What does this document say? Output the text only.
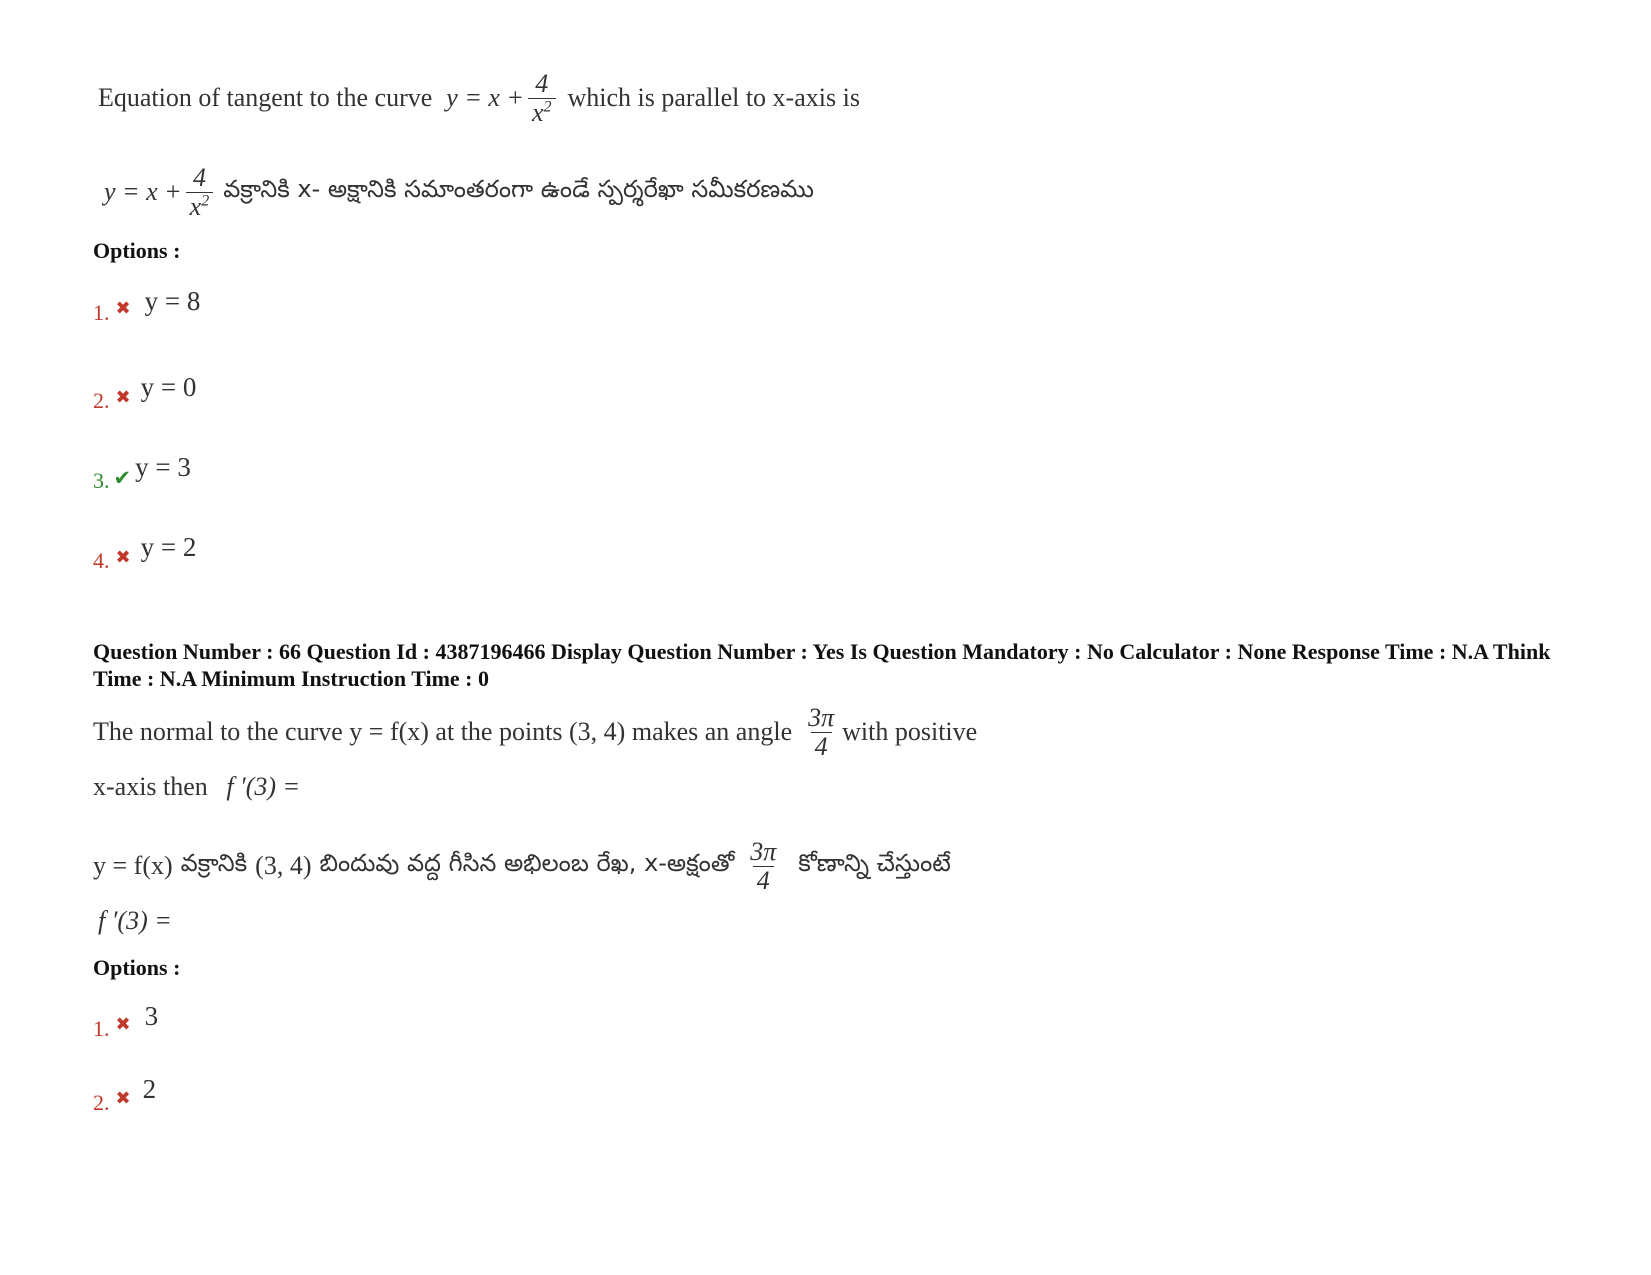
Equation of tangent to the curve $y = x + \frac{4}{x^2}$ which is parallel to x-axis is
$y = x + \frac{4}{x^2}$ వక్రానికి x- అక్షానికి సమాంతరంగా ఉండే స్పర్శరేఖా సమీకరణము
Options :
1. ✖ y = 8
2. ✖ y = 0
3. ✔ y = 3
4. ✖ y = 2
Question Number : 66 Question Id : 4387196466 Display Question Number : Yes Is Question Mandatory : No Calculator : None Response Time : N.A Think Time : N.A Minimum Instruction Time : 0
The normal to the curve y = f(x) at the points (3, 4) makes an angle $\frac{3\pi}{4}$ with positive
x-axis then f ′(3) =
y = f(x) వక్రానికి (3, 4) బిందువు వద్ద గీసిన అభిలంబ రేఖ, x-అక్షంతో $\frac{3\pi}{4}$ కోణాన్ని చేస్తుంటే
f ′(3) =
Options :
1. ✖ 3
2. ✖ 2
